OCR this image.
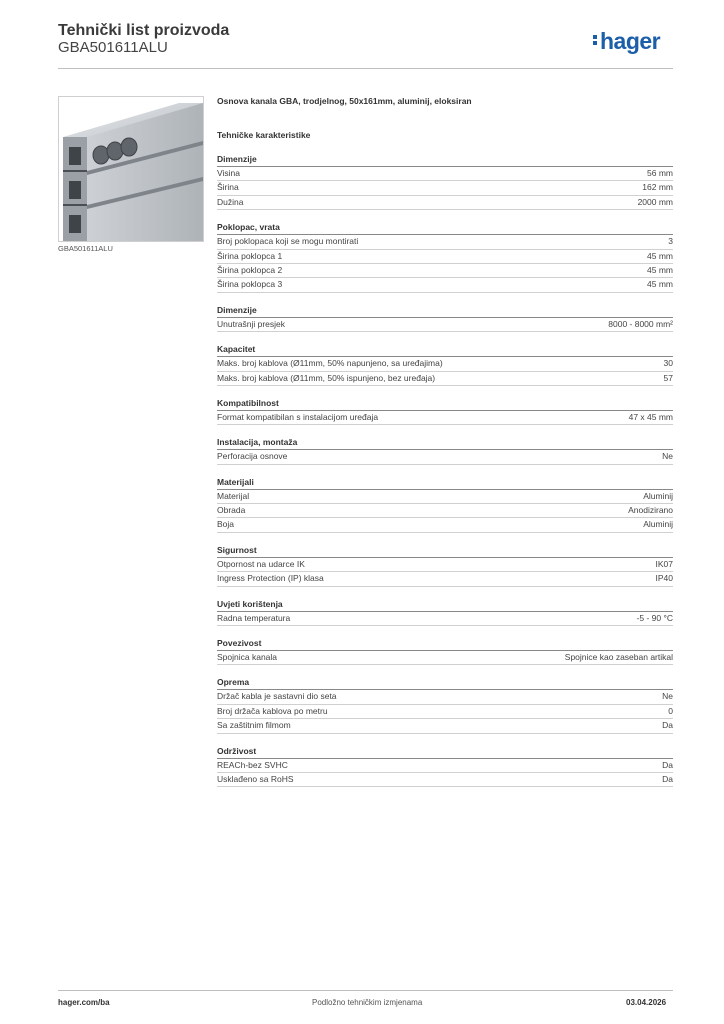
Tehnički list proizvoda
GBA501611ALU	hager
GBA501611ALU
Osnova kanala GBA, trodjelnog, 50x161mm, aluminij, eloksiran
Tehničke karakteristike
Dimenzije
Visina	56 mm
Širina	162 mm
Dužina	2000 mm
Poklopac, vrata
Broj poklopaca koji se mogu montirati	3
Širina poklopca 1	45 mm
Širina poklopca 2	45 mm
Širina poklopca 3	45 mm
Dimenzije
Unutrašnji presjek	8000 - 8000 mm²
Kapacitet
Maks. broj kablova (Ø11mm, 50% napunjeno, sa uređajima)	30
Maks. broj kablova (Ø11mm, 50% ispunjeno, bez uređaja)	57
Kompatibilnost
Format kompatibilan s instalacijom uređaja	47 x 45 mm
Instalacija, montaža
Perforacija osnove	Ne
Materijali
Materijal	Aluminij
Obrada	Anodizirano
Boja	Aluminij
Sigurnost
Otpornost na udarce IK	IK07
Ingress Protection (IP) klasa	IP40
Uvjeti korištenja
Radna temperatura	-5 - 90 °C
Povezivost
Spojnica kanala	Spojnice kao zaseban artikal
Oprema
Držač kabla je sastavni dio seta	Ne
Broj držača kablova po metru	0
Sa zaštitnim filmom	Da
Održivost
REACh-bez SVHC	Da
Usklađeno sa RoHS	Da
hager.com/ba	Podložno tehničkim izmjenama	03.04.2026
